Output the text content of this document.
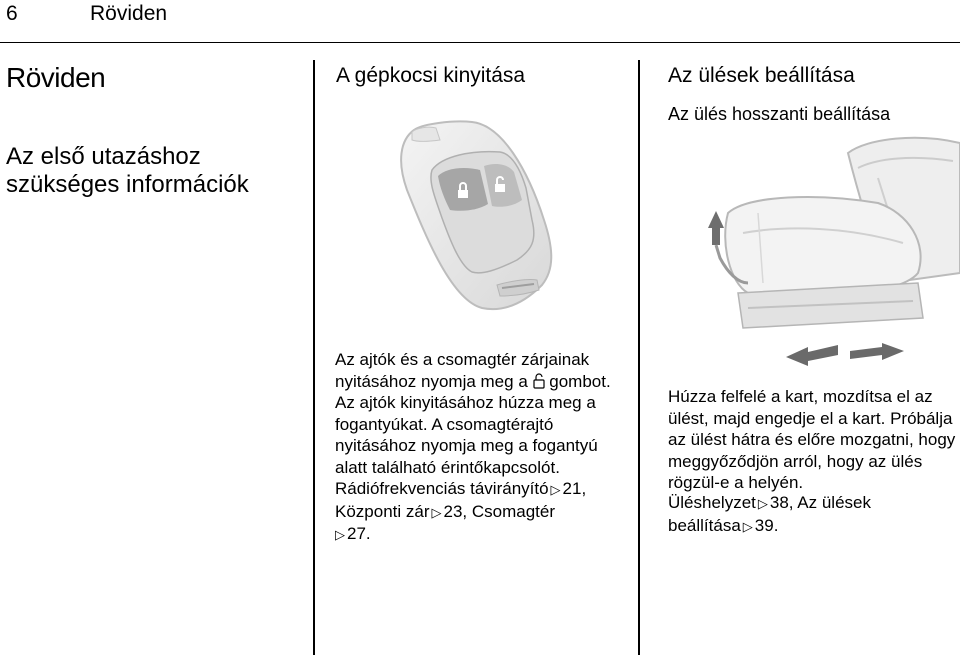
6	Röviden
Röviden
Az első utazáshoz
szükséges információk
A gépkocsi kinyitása
Az ajtók és a csomagtér zárjainak
nyitásához nyomja meg a gombot.
Az ajtók kinyitásához húzza meg a
fogantyúkat. A csomagtérajtó
nyitásához nyomja meg a fogantyú
alatt található érintőkapcsolót.
Rádiófrekvenciás távirányító ▷ 21,
Központi zár ▷ 23, Csomagtér
▷ 27.
Az ülések beállítása
Az ülés hosszanti beállítása
Húzza felfelé a kart, mozdítsa el az
ülést, majd engedje el a kart. Próbálja
az ülést hátra és előre mozgatni, hogy
meggyőződjön arról, hogy az ülés
rögzül-e a helyén.
Üléshelyzet ▷ 38, Az ülések
beállítása ▷ 39.
